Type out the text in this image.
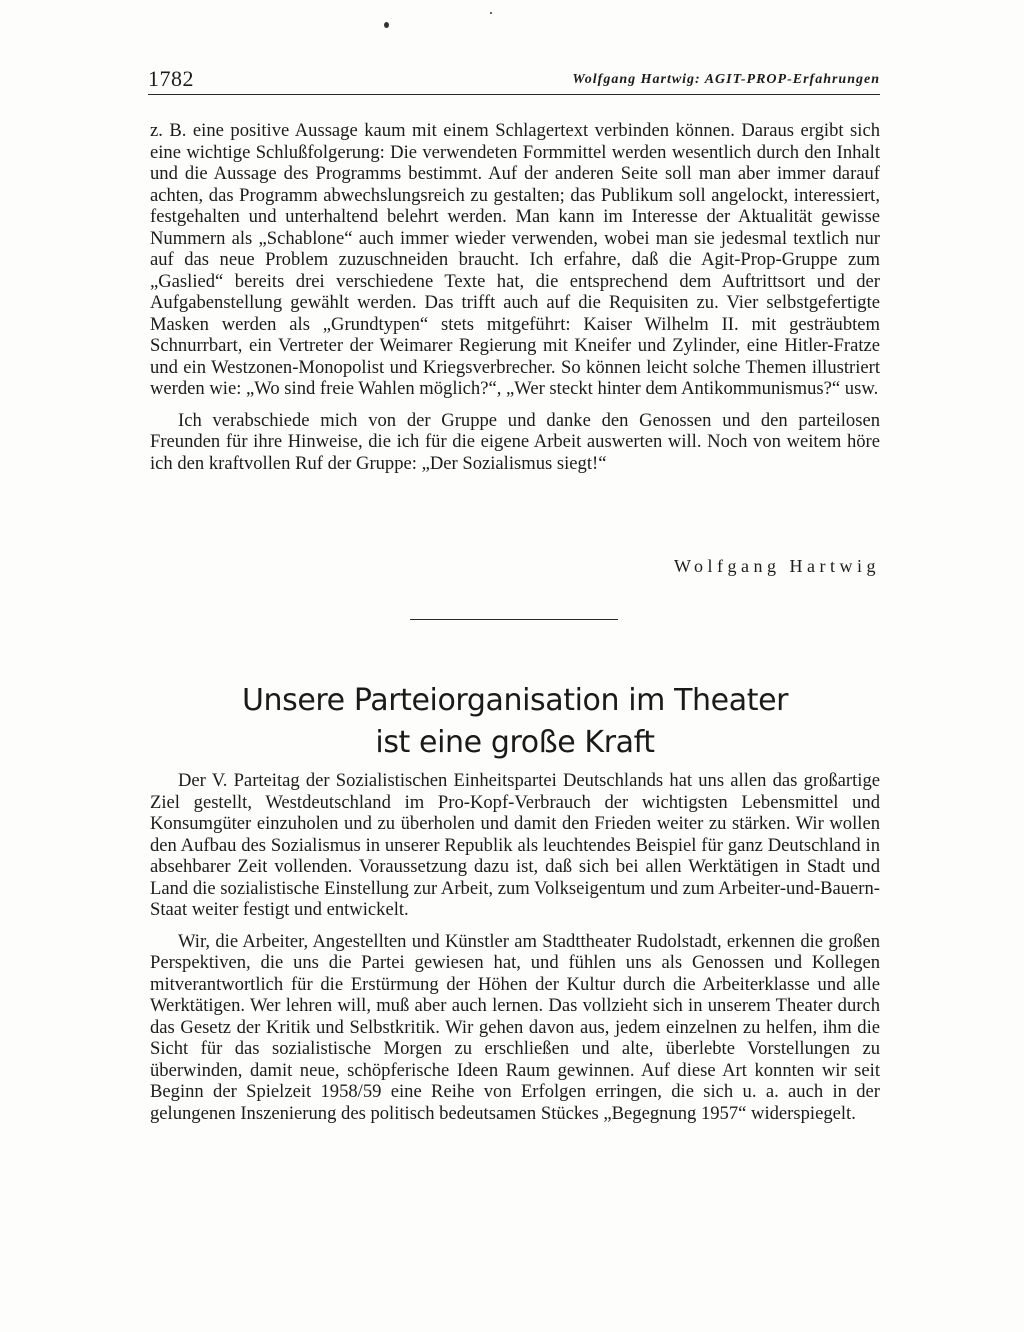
1782	Wolfgang Hartwig: AGIT-PROP-Erfahrungen

z. B. eine positive Aussage kaum mit einem Schlagertext verbinden können. Daraus ergibt sich eine wichtige Schlußfolgerung: Die verwendeten Formmittel werden wesentlich durch den Inhalt und die Aussage des Programms bestimmt. Auf der anderen Seite soll man aber immer darauf achten, das Programm abwechslungsreich zu gestalten; das Publikum soll angelockt, interessiert, festgehalten und unterhaltend belehrt werden. Man kann im Interesse der Aktualität gewisse Nummern als „Schablone“ auch immer wieder verwenden, wobei man sie jedesmal textlich nur auf das neue Problem zuzuschneiden braucht. Ich erfahre, daß die Agit-Prop-Gruppe zum „Gaslied“ bereits drei verschiedene Texte hat, die entsprechend dem Auftrittsort und der Aufgabenstellung gewählt werden. Das trifft auch auf die Requisiten zu. Vier selbstgefertigte Masken werden als „Grundtypen“ stets mitgeführt: Kaiser Wilhelm II. mit gesträubtem Schnurrbart, ein Vertreter der Weimarer Regierung mit Kneifer und Zylinder, eine Hitler-Fratze und ein Westzonen-Monopolist und Kriegsverbrecher. So können leicht solche Themen illustriert werden wie: „Wo sind freie Wahlen möglich?“, „Wer steckt hinter dem Antikommunismus?“ usw.

Ich verabschiede mich von der Gruppe und danke den Genossen und den parteilosen Freunden für ihre Hinweise, die ich für die eigene Arbeit auswerten will. Noch von weitem höre ich den kraftvollen Ruf der Gruppe: „Der Sozialismus siegt!“

Wolfgang Hartwig
Unsere Parteiorganisation im Theater
ist eine große Kraft

Der V. Parteitag der Sozialistischen Einheitspartei Deutschlands hat uns allen das großartige Ziel gestellt, Westdeutschland im Pro-Kopf-Verbrauch der wichtigsten Lebensmittel und Konsumgüter einzuholen und zu überholen und damit den Frieden weiter zu stärken. Wir wollen den Aufbau des Sozialismus in unserer Republik als leuchtendes Beispiel für ganz Deutschland in absehbarer Zeit vollenden. Voraussetzung dazu ist, daß sich bei allen Werktätigen in Stadt und Land die sozialistische Einstellung zur Arbeit, zum Volkseigentum und zum Arbeiter-und-Bauern-Staat weiter festigt und entwickelt.

Wir, die Arbeiter, Angestellten und Künstler am Stadttheater Rudolstadt, erkennen die großen Perspektiven, die uns die Partei gewiesen hat, und fühlen uns als Genossen und Kollegen mitverantwortlich für die Erstürmung der Höhen der Kultur durch die Arbeiterklasse und alle Werktätigen. Wer lehren will, muß aber auch lernen. Das vollzieht sich in unserem Theater durch das Gesetz der Kritik und Selbstkritik. Wir gehen davon aus, jedem einzelnen zu helfen, ihm die Sicht für das sozialistische Morgen zu erschließen und alte, überlebte Vorstellungen zu überwinden, damit neue, schöpferische Ideen Raum gewinnen. Auf diese Art konnten wir seit Beginn der Spielzeit 1958/59 eine Reihe von Erfolgen erringen, die sich u. a. auch in der gelungenen Inszenierung des politisch bedeutsamen Stückes „Begegnung 1957“ widerspiegelt.
